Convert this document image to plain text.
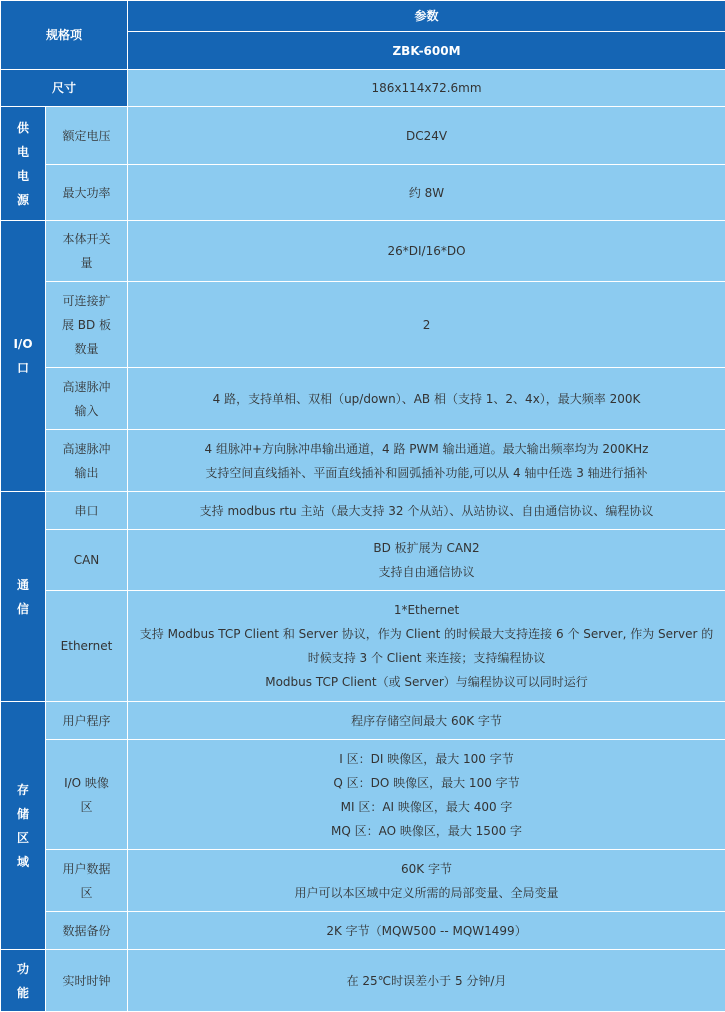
规格项		参数
		ZBK-600M
尺寸		186x114x72.6mm

供
电
电
源	额定电压	DC24V
	最大功率	约 8W

I/O
口	本体开关
量	26*DI/16*DO

	可连接扩
展 BD 板
数量	2

	高速脉冲
输入	4 路，支持单相、双相（up/down）、AB 相（支持 1、2、4x），最大频率 200K

	高速脉冲
输出	4 组脉冲+方向脉冲串输出通道，4 路 PWM 输出通道。最大输出频率均为 200KHz
支持空间直线插补、平面直线插补和圆弧插补功能,可以从 4 轴中任选 3 轴进行插补

通
信	串口	支持 modbus rtu 主站（最大支持 32 个从站）、从站协议、自由通信协议、编程协议
	CAN	BD 板扩展为 CAN2
支持自由通信协议

	Ethernet	1*Ethernet
支持 Modbus TCP Client 和 Server 协议，作为 Client 的时候最大支持连接 6 个 Server, 作为 Server 的
时候支持 3 个 Client 来连接；支持编程协议
Modbus TCP Client（或 Server）与编程协议可以同时运行

存
储
区
域	用户程序	程序存储空间最大 60K 字节
	I/O 映像区	I 区：DI 映像区，最大 100 字节
Q 区：DO 映像区，最大 100 字节
MI 区：AI 映像区，最大 400 字
MQ 区：AO 映像区，最大 1500 字

	用户数据
区	60K 字节
用户可以本区域中定义所需的局部变量、全局变量

	数据备份	2K 字节（MQW500 -- MQW1499）

功
能	实时时钟	在 25℃时误差小于 5 分钟/月
